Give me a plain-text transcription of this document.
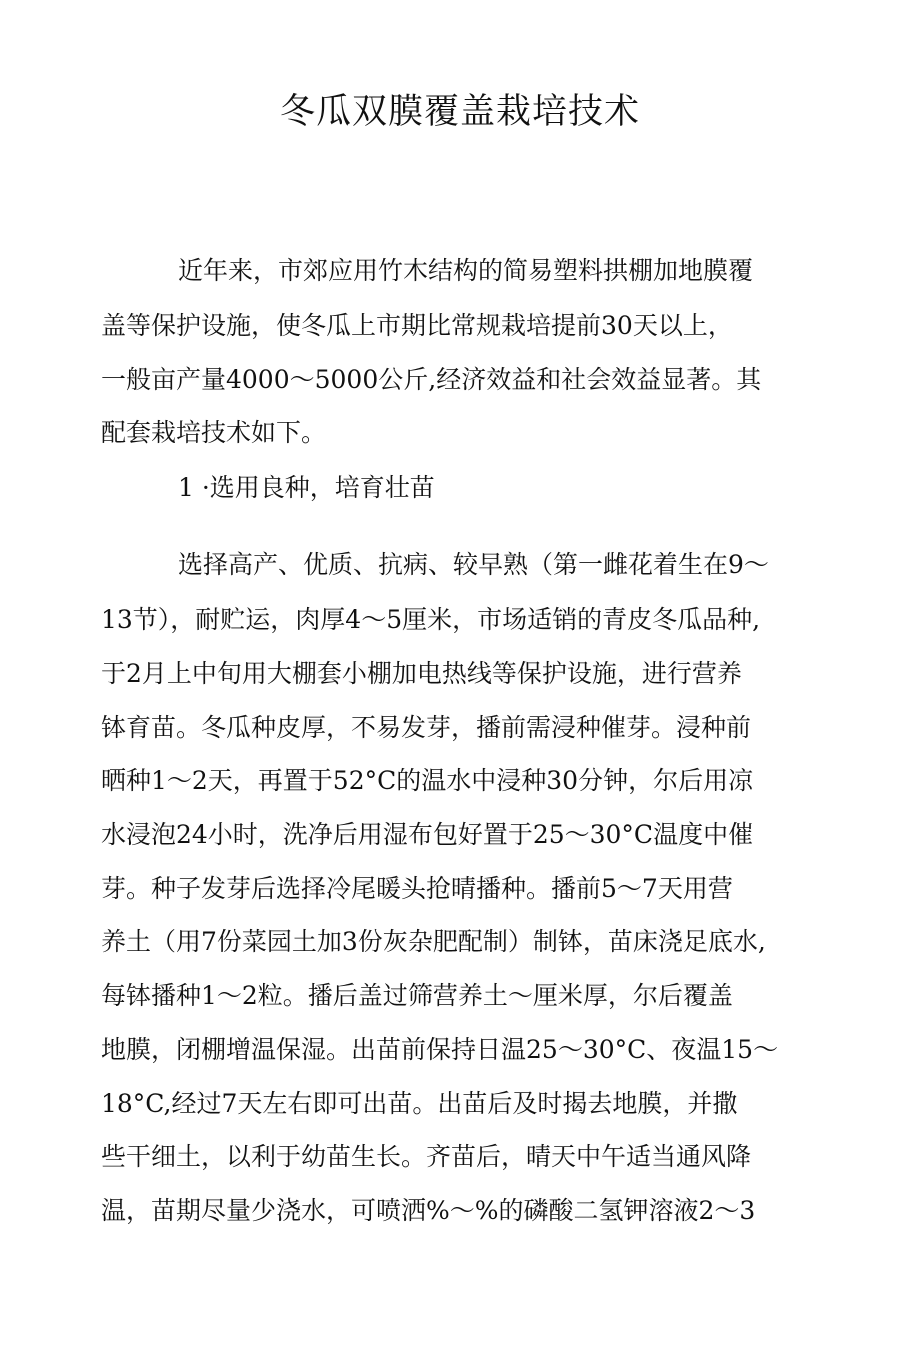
冬瓜双膜覆盖栽培技术

近年来，市郊应用竹木结构的简易塑料拱棚加地膜覆

盖等保护设施，使冬瓜上市期比常规栽培提前30天以上，

一般亩产量4000～5000公斤,经济效益和社会效益显著。其

配套栽培技术如下。

1 ·选用良种，培育壮苗

选择高产、优质、抗病、较早熟（第一雌花着生在9～

13节），耐贮运，肉厚4～5厘米，市场适销的青皮冬瓜品种,

于2月上中旬用大棚套小棚加电热线等保护设施，进行营养

钵育苗。冬瓜种皮厚，不易发芽，播前需浸种催芽。浸种前

晒种1～2天，再置于52°C的温水中浸种30分钟，尔后用凉

水浸泡24小时，洗净后用湿布包好置于25～30°C温度中催

芽。种子发芽后选择冷尾暖头抢晴播种。播前5～7天用营

养土（用7份菜园土加3份灰杂肥配制）制钵，苗床浇足底水,

每钵播种1～2粒。播后盖过筛营养土～厘米厚，尔后覆盖

地膜，闭棚增温保湿。出苗前保持日温25～30°C、夜温15～

18°C,经过7天左右即可出苗。出苗后及时揭去地膜，并撒

些干细土，以利于幼苗生长。齐苗后，晴天中午适当通风降

温，苗期尽量少浇水，可喷洒%～%的磷酸二氢钾溶液2～3
